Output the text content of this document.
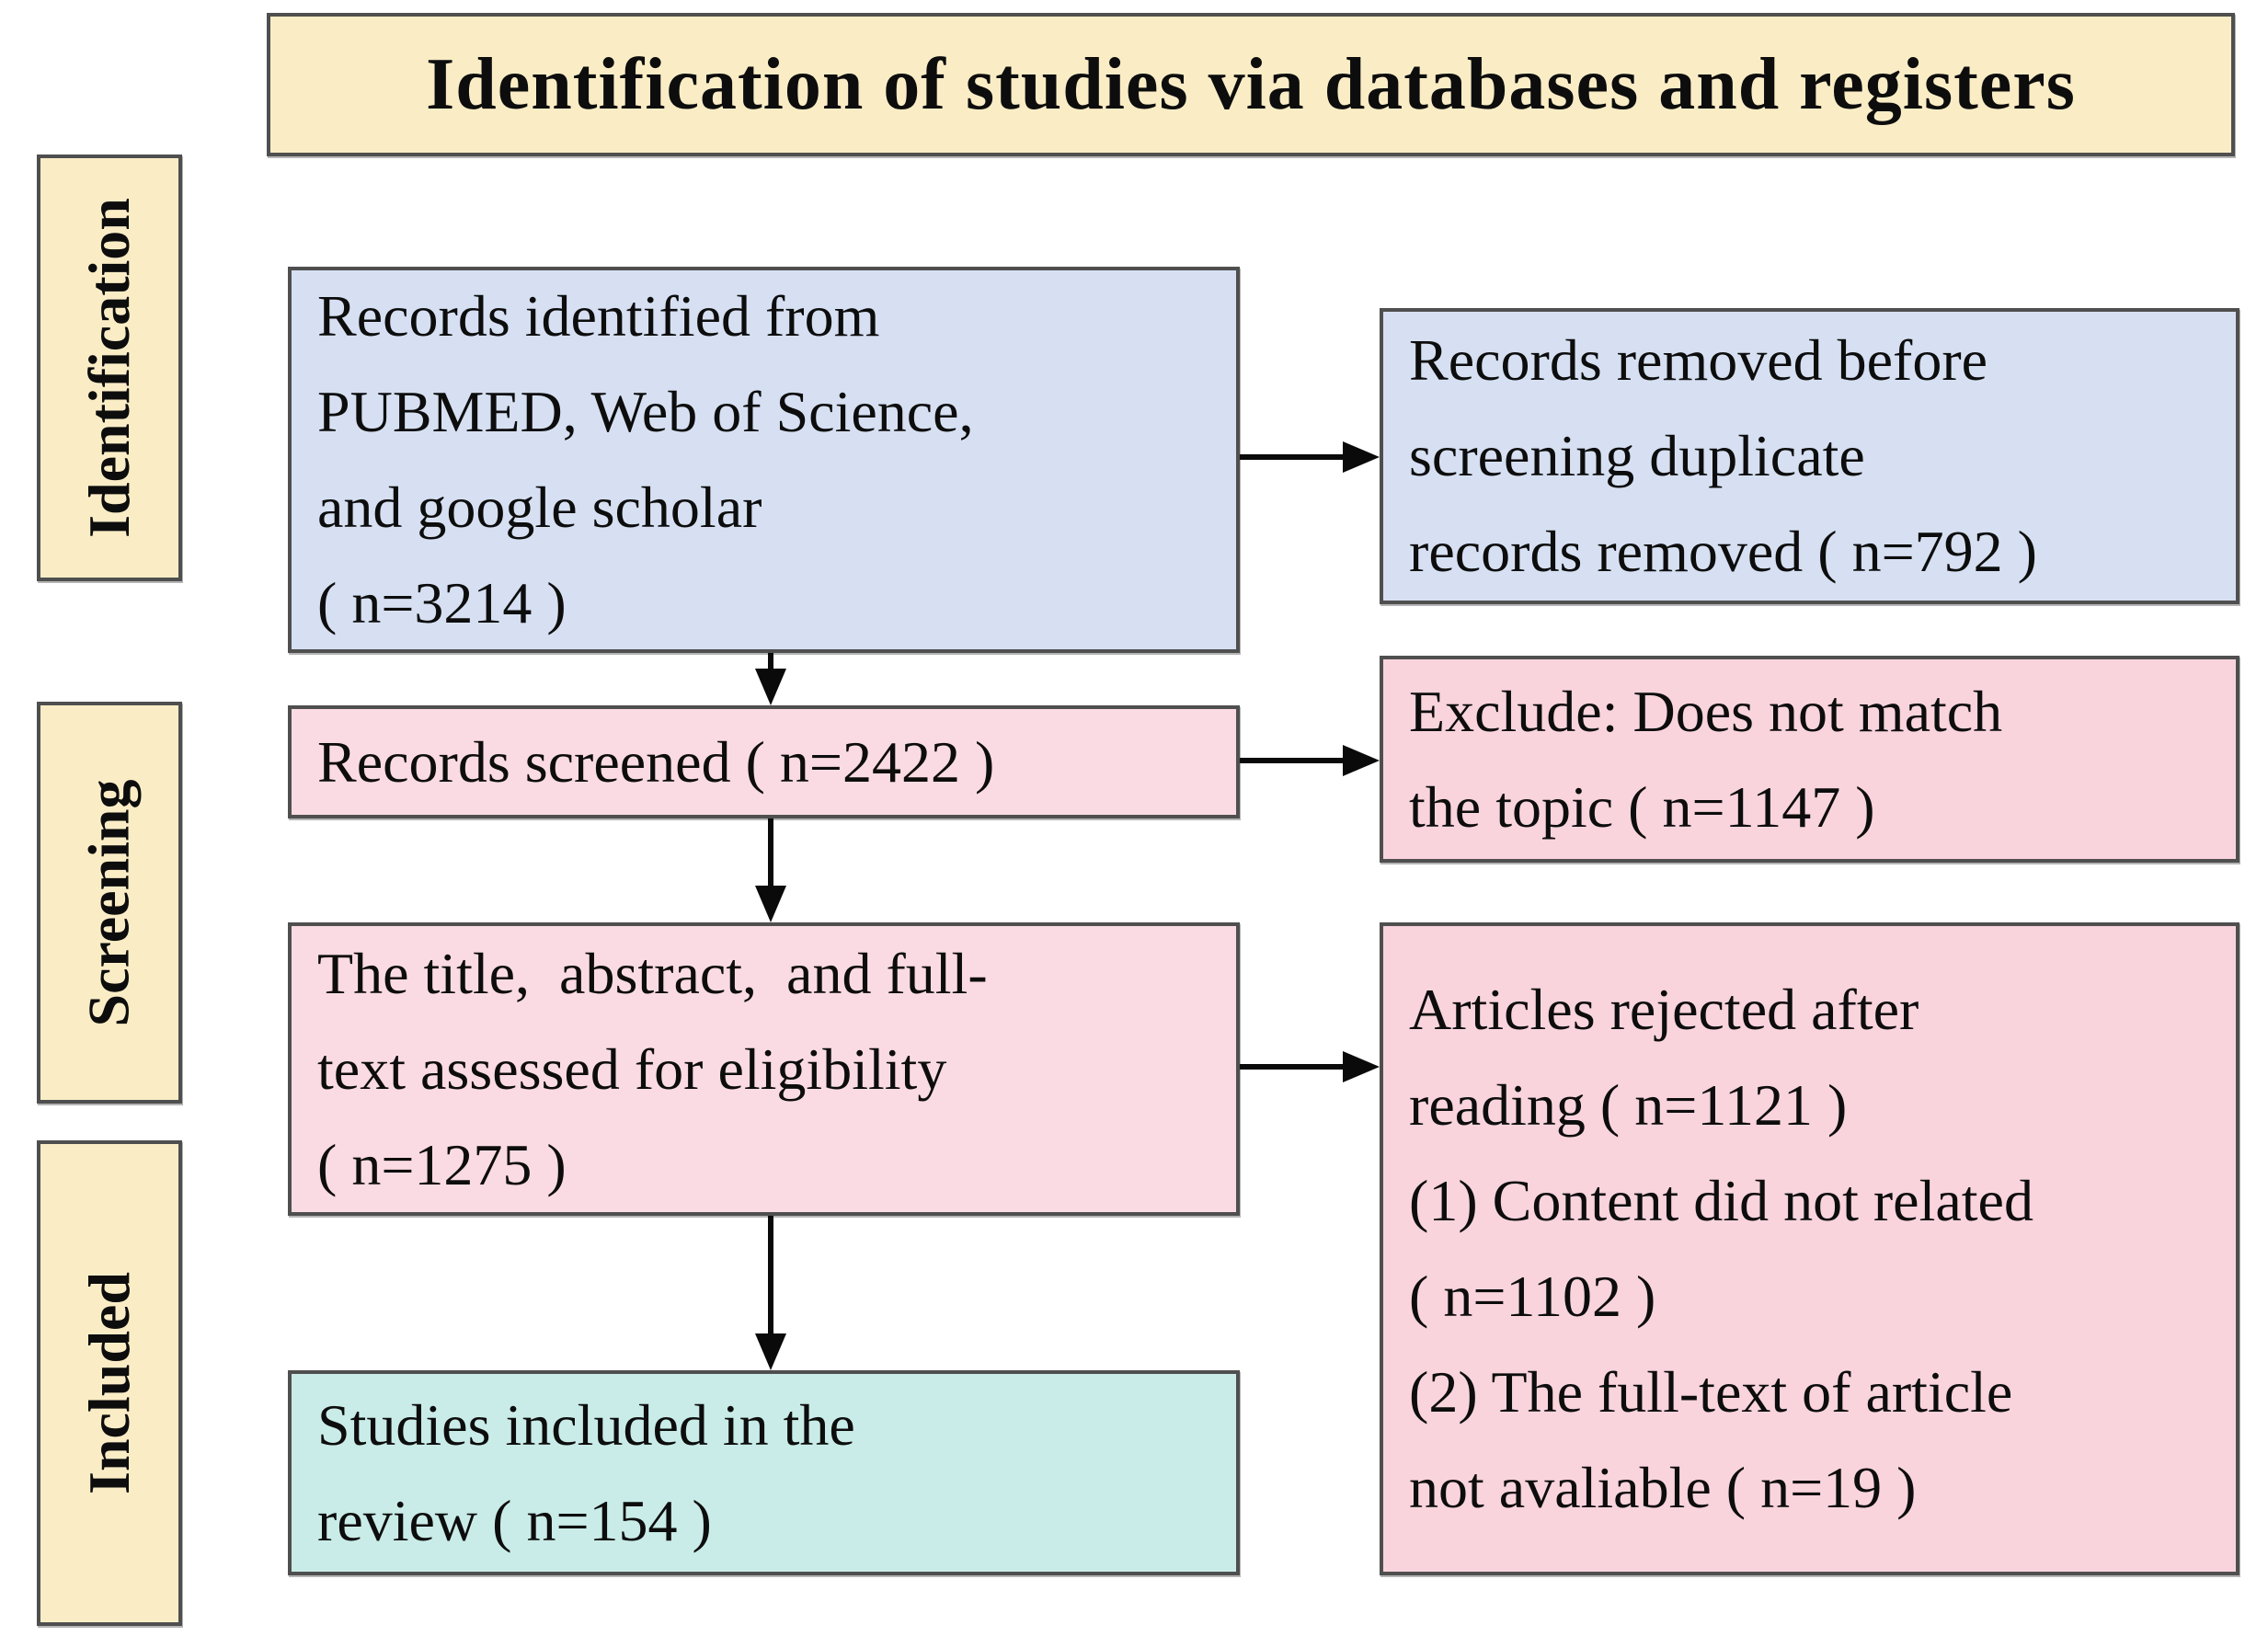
Identification of studies via databases and registers
Identification
Screening
Included
Records identified from
PUBMED, Web of Science,
and google scholar
( n=3214 )
Records screened ( n=2422 )
The title,  abstract,  and full-
text assessed for eligibility
( n=1275 )
Studies included in the
review ( n=154 )
Records removed before
screening duplicate
records removed ( n=792 )
Exclude: Does not match
the topic ( n=1147 )
Articles rejected after
reading ( n=1121 )
(1) Content did not related
( n=1102 )
(2) The full-text of article
not avaliable ( n=19 )
